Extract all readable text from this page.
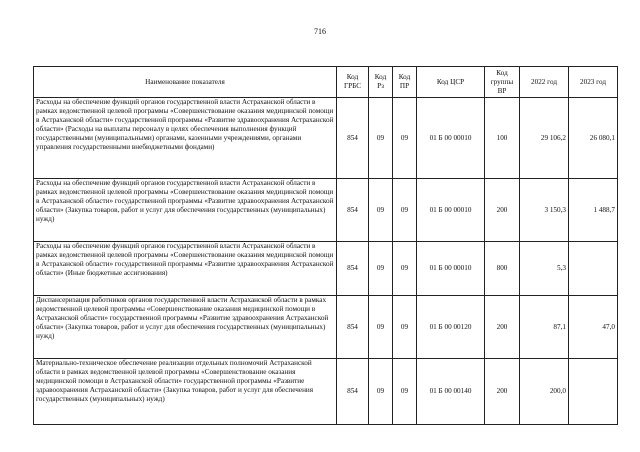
716
Наименование показателя	Код ГРБС	Код Рз	Код ПР	Код ЦСР	Код группы ВР	2022 год	2023 год
Расходы на обеспечение функций органов государственной власти Астраханской области в рамках ведомственной целевой программы «Совершенствование оказания медицинской помощи в Астраханской области» государственной программы «Развитие здравоохранения Астраханской области» (Расходы на выплаты персоналу в целях обеспечения выполнения функций государственными (муниципальными) органами, казенными учреждениями, органами управления государственными внебюджетными фондами)	854	09	09	01 Б 00 00010	100	29 106,2	26 080,1
Расходы на обеспечение функций органов государственной власти Астраханской области в рамках ведомственной целевой программы «Совершенствование оказания медицинской помощи в Астраханской области» государственной программы «Развитие здравоохранения Астраханской области» (Закупка товаров, работ и услуг для обеспечения государственных (муниципальных) нужд)	854	09	09	01 Б 00 00010	200	3 150,3	1 488,7
Расходы на обеспечение функций органов государственной власти Астраханской области в рамках ведомственной целевой программы «Совершенствование оказания медицинской помощи в Астраханской области» государственной программы «Развитие здравоохранения Астраханской области» (Иные бюджетные ассигнования)	854	09	09	01 Б 00 00010	800	5,3	
Диспансеризация работников органов государственной власти Астраханской области в рамках ведомственной целевой программы «Совершенствование оказания медицинской помощи в Астраханской области» государственной программы «Развитие здравоохранения Астраханской области» (Закупка товаров, работ и услуг для обеспечения государственных (муниципальных) нужд)	854	09	09	01 Б 00 00120	200	87,1	47,0
Материально-техническое обеспечение реализации отдельных полномочий Астраханской области в рамках ведомственной целевой программы «Совершенствование оказания медицинской помощи в Астраханской области» государственной программы «Развитие здравоохранения Астраханской области» (Закупка товаров, работ и услуг для обеспечения государственных (муниципальных) нужд)	854	09	09	01 Б 00 00140	200	200,0	
